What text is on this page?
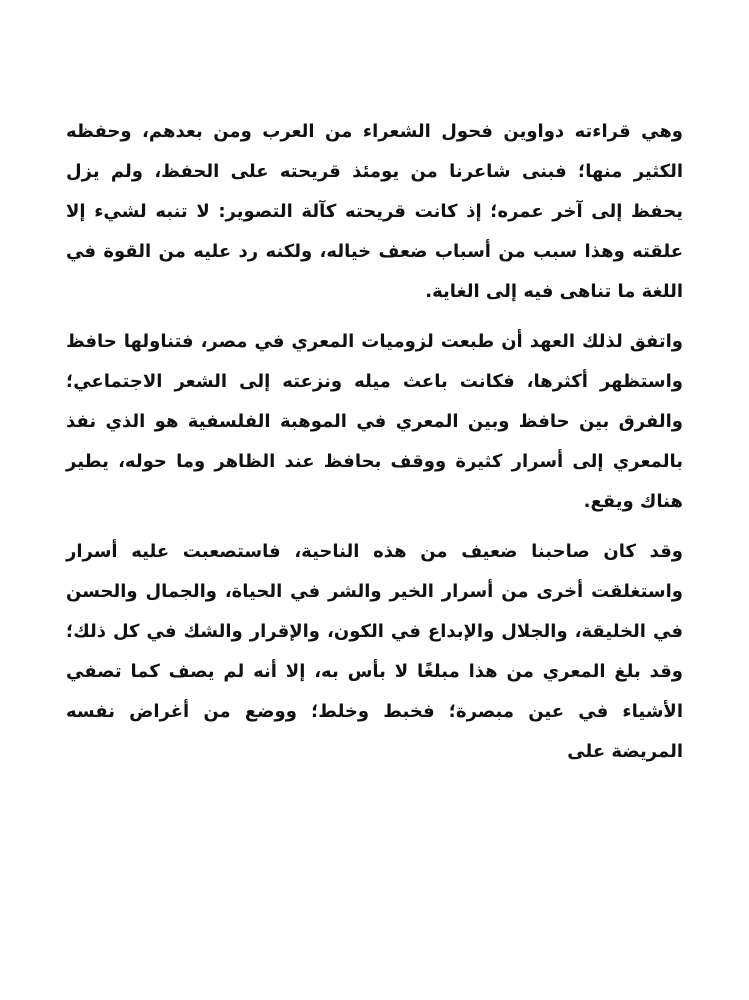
وهي قراءته دواوين فحول الشعراء من العرب ومن بعدهم، وحفظه الكثير منها؛ فبنى شاعرنا من يومئذ قريحته على الحفظ، ولم يزل يحفظ إلى آخر عمره؛ إذ كانت قريحته كآلة التصوير: لا تنبه لشيء إلا علقته وهذا سبب من أسباب ضعف خياله، ولكنه رد عليه من القوة في اللغة ما تناهى فيه إلى الغاية.

واتفق لذلك العهد أن طبعت لزوميات المعري في مصر، فتناولها حافظ واستظهر أكثرها، فكانت باعث ميله ونزعته إلى الشعر الاجتماعي؛ والفرق بين حافظ وبين المعري في الموهبة الفلسفية هو الذي نفذ بالمعري إلى أسرار كثيرة ووقف بحافظ عند الظاهر وما حوله، يطير هناك ويقع.

وقد كان صاحبنا ضعيف من هذه الناحية، فاستصعبت عليه أسرار واستغلقت أخرى من أسرار الخير والشر في الحياة، والجمال والحسن في الخليقة، والجلال والإبداع في الكون، والإقرار والشك في كل ذلك؛ وقد بلغ المعري من هذا مبلغًا لا بأس به، إلا أنه لم يصف كما تصفي الأشياء في عين مبصرة؛ فخبط وخلط؛ ووضع من أغراض نفسه المريضة على
